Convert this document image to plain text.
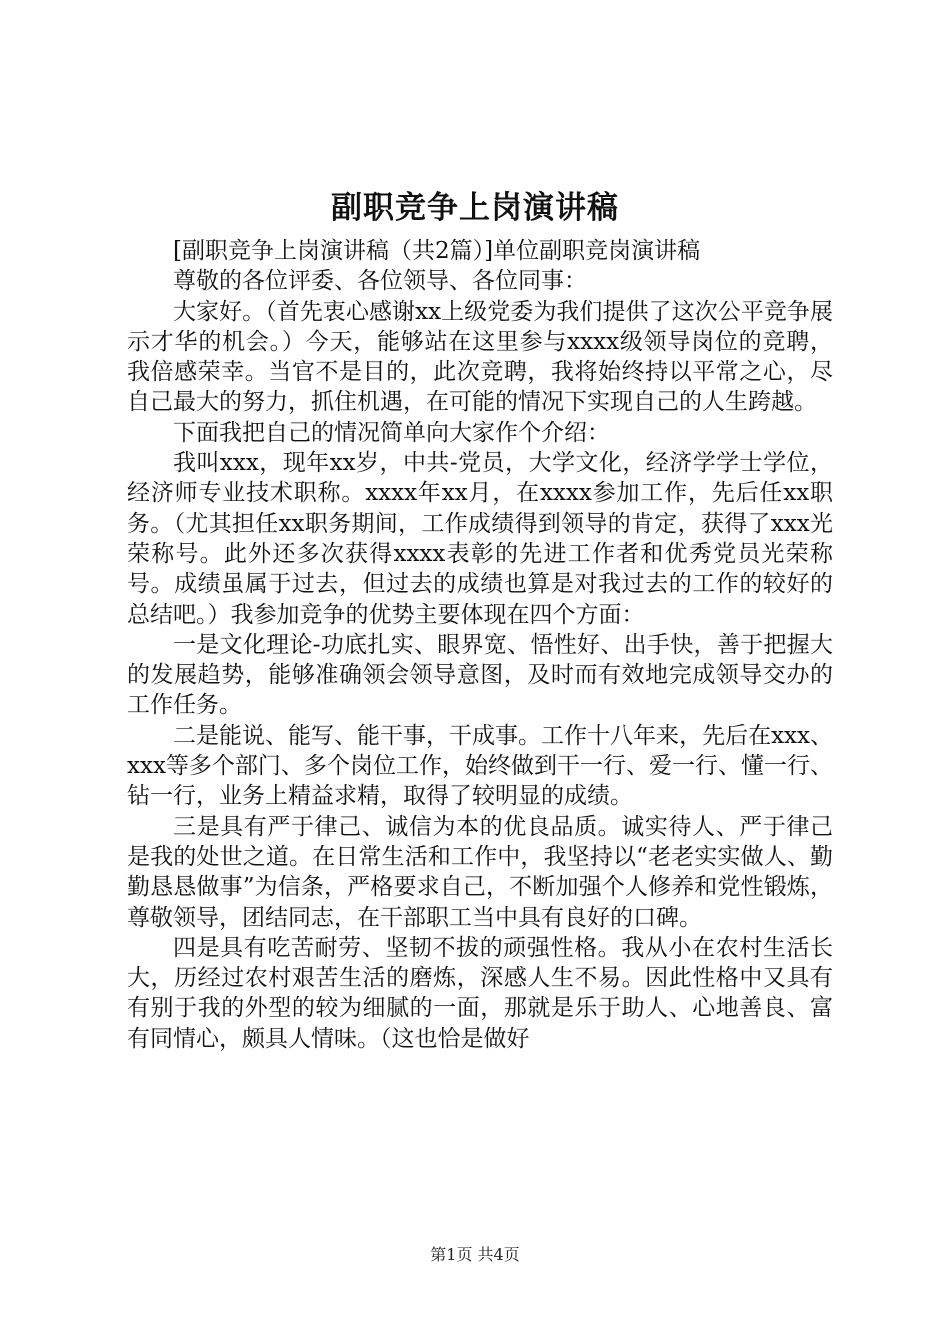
副职竞争上岗演讲稿

[副职竞争上岗演讲稿（共2篇）]单位副职竞岗演讲稿

尊敬的各位评委、各位领导、各位同事：

大家好。（首先衷心感谢xx上级党委为我们提供了这次公平竞争展示才华的机会。）今天，能够站在这里参与xxxx级领导岗位的竞聘，我倍感荣幸。当官不是目的，此次竞聘，我将始终持以平常之心，尽自己最大的努力，抓住机遇，在可能的情况下实现自己的人生跨越。

下面我把自己的情况简单向大家作个介绍：

我叫xxx，现年xx岁，中共-党员，大学文化，经济学学士学位，经济师专业技术职称。xxxx年xx月，在xxxx参加工作，先后任xx职务。（尤其担任xx职务期间，工作成绩得到领导的肯定，获得了xxx光荣称号。此外还多次获得xxxx表彰的先进工作者和优秀党员光荣称号。成绩虽属于过去，但过去的成绩也算是对我过去的工作的较好的总结吧。）我参加竞争的优势主要体现在四个方面：

一是文化理论-功底扎实、眼界宽、悟性好、出手快，善于把握大的发展趋势，能够准确领会领导意图，及时而有效地完成领导交办的工作任务。

二是能说、能写、能干事，干成事。工作十八年来，先后在xxx、xxx等多个部门、多个岗位工作，始终做到干一行、爱一行、懂一行、钻一行，业务上精益求精，取得了较明显的成绩。

三是具有严于律己、诚信为本的优良品质。诚实待人、严于律己是我的处世之道。在日常生活和工作中，我坚持以“老老实实做人、勤勤恳恳做事”为信条，严格要求自己，不断加强个人修养和党性锻炼，尊敬领导，团结同志，在干部职工当中具有良好的口碑。

四是具有吃苦耐劳、坚韧不拔的顽强性格。我从小在农村生活长大，历经过农村艰苦生活的磨炼，深感人生不易。因此性格中又具有有别于我的外型的较为细腻的一面，那就是乐于助人、心地善良、富有同情心，颇具人情味。（这也恰是做好

第1页 共4页
